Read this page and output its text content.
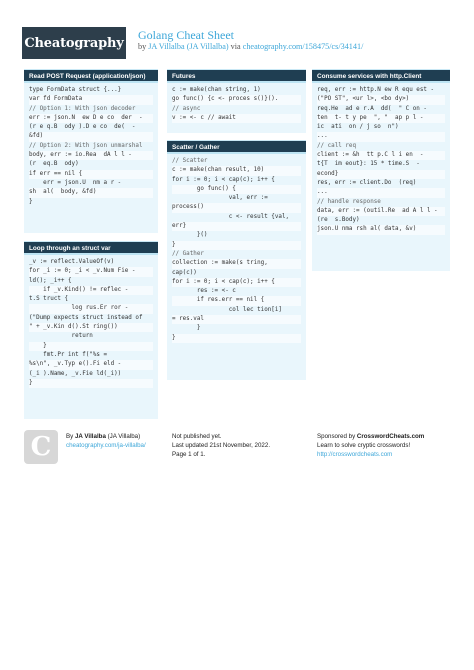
Cheatography
Golang Cheat Sheet
by JA Villalba (JA Villalba) via cheatography.com/158475/cs/34141/
Read POST Request (application/json)
type FormData struct {...}
var fd FormData
// Option 1: With json decoder
err := json.N  ew D e co  der  -
(r e q.B  ody ).D e co  de(  -
&fd)
// Option 2: With json unmarshal
body, err := io.Rea  dA l l -
(r  eq.B  ody)
if err == nil {
err = json.U  nm a r -
sh  al(  body, &fd)
}
Loop through an struct var
_v := reflect.ValueOf(v)
for _i := 0; _i < _v.Num Fie -
ld(); _i++ {
if _v.Kind() != reflec -
t.S truct {
log rus.Er ror -
("Dump expects struct instead of
" + _v.Kin d().St ring())
return
}
fmt.Pr int f("%s =
%s\n", _v.Typ e().Fi eld -
(_i ).Name, _v.Fie ld(_i))
}
Futures
c := make(chan string, 1)
go func() {c <- proces s()}().
// async
v := <- c // await
Scatter / Gather
// Scatter
c := make(chan result, 10)
for i := 0; i < cap(c); i++ {
go func() {
val, err :=
process()
c <- result {val,
err}
}()
}
// Gather
collection := make(s tring,
cap(c))
for i := 0; i < cap(c); i++ {
res := <- c
if res.err == nil {
col lec tion[i]
= res.val
}
}
Consume services with http.Client
req, err := http.N ew R equ est -
("PO ST", <ur l>, <bo dy>)
req.He  ad e r.A  dd(  " C on -
ten  t- t y pe  ", "  ap p l -
ic  ati  on / j so  n")
...
// call req
client := &h  tt p.C l i en  -
t{T  im eout}: 15 * time.S  -
econd}
res, err := client.Do  (req)
...
// handle response
data, err := (outil.Re  ad A l l -
(re  s.Body)
json.U nma rsh al( data, &v)
C	By JA Villalba (JA Villalba)
cheatography.com/ja-villalba/
Not published yet.
Last updated 21st November, 2022.
Page 1 of 1.
Sponsored by CrosswordCheats.com
Learn to solve cryptic crosswords!
http://crosswordcheats.com
